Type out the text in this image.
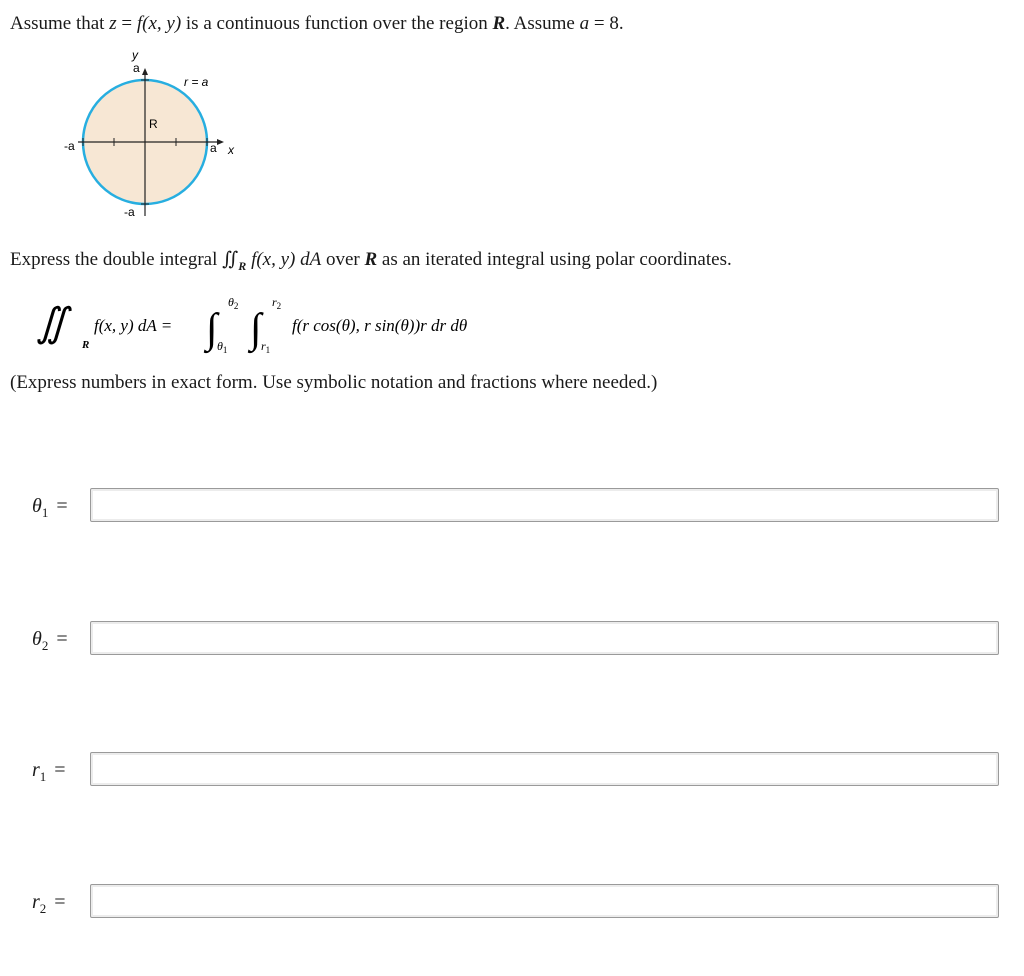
Assume that z = f(x, y) is a continuous function over the region R. Assume a = 8.
y
a
r = a
R
-a	a x
-a
Express the double integral $∬_R$ f(x, y) dA over R as an iterated integral using polar coordinates.
∬	R
f(x, y) dA = ∫
$\theta_2$
$\theta_1$ ∫
$r_2$
$r_1$
f(r cos(θ), r sin(θ))r dr dθ
(Express numbers in exact form. Use symbolic notation and fractions where needed.)
$\theta_1$ =
$\theta_2$ =
$r_1$ =
$r_2$ =
